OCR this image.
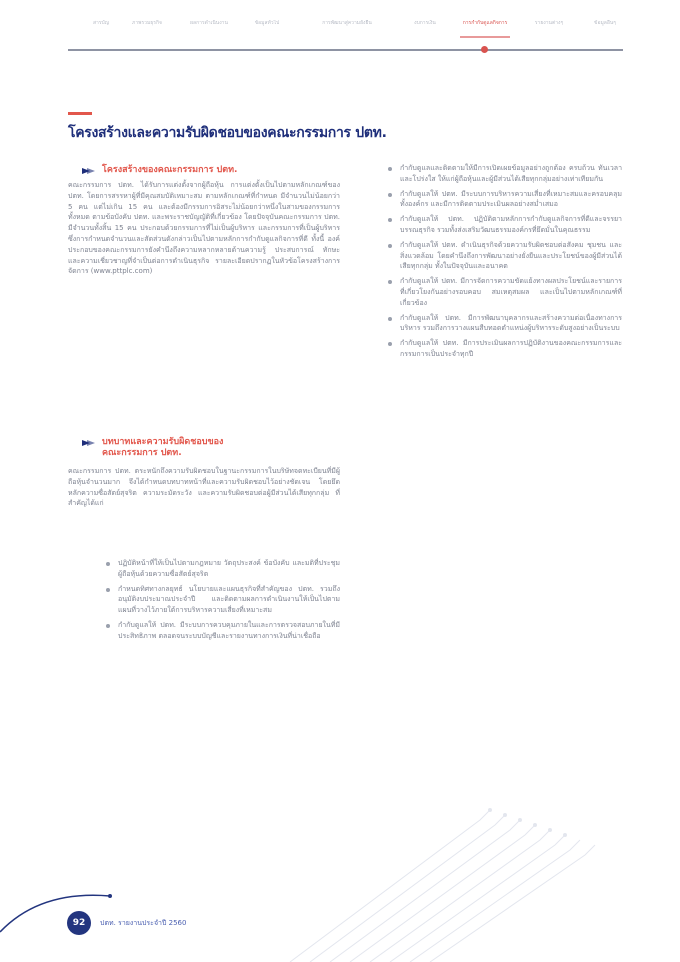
สารบัญ	ภาพรวมธุรกิจ	ผลการดำเนินงาน	ข้อมูลทั่วไป	การพัฒนาสู่ความยั่งยืน	งบการเงิน	การกำกับดูแลกิจการ	รายงานต่างๆ	ข้อมูลอื่นๆ
โครงสร้างและความรับผิดชอบของคณะกรรมการ ปตท.
โครงสร้างของคณะกรรมการ ปตท.
คณะกรรมการ ปตท. ได้รับการแต่งตั้งจากผู้ถือหุ้น การแต่งตั้งเป็นไปตามหลักเกณฑ์ของ ปตท. โดยการสรรหาผู้ที่มีคุณสมบัติเหมาะสม ตามหลักเกณฑ์ที่กำหนด มีจำนวนไม่น้อยกว่า 5 คน แต่ไม่เกิน 15 คน และต้องมีกรรมการอิสระไม่น้อยกว่าหนึ่งในสามของกรรมการทั้งหมด ตามข้อบังคับ ปตท. และพระราชบัญญัติที่เกี่ยวข้อง โดยปัจจุบันคณะกรรมการ ปตท. มีจำนวนทั้งสิ้น 15 คน ประกอบด้วยกรรมการที่ไม่เป็นผู้บริหาร และกรรมการที่เป็นผู้บริหาร ซึ่งการกำหนดจำนวนและสัดส่วนดังกล่าวเป็นไปตามหลักการกำกับดูแลกิจการที่ดี ทั้งนี้ องค์ประกอบของคณะกรรมการยังคำนึงถึงความหลากหลายด้านความรู้ ประสบการณ์ ทักษะ และความเชี่ยวชาญที่จำเป็นต่อการดำเนินธุรกิจ รายละเอียดปรากฏในหัวข้อโครงสร้างการจัดการ (www.pttplc.com)
บทบาทและความรับผิดชอบของ
คณะกรรมการ ปตท.
คณะกรรมการ ปตท. ตระหนักถึงความรับผิดชอบในฐานะกรรมการในบริษัทจดทะเบียนที่มีผู้ถือหุ้นจำนวนมาก จึงได้กำหนดบทบาทหน้าที่และความรับผิดชอบไว้อย่างชัดเจน โดยยึดหลักความซื่อสัตย์สุจริต ความระมัดระวัง และความรับผิดชอบต่อผู้มีส่วนได้เสียทุกกลุ่ม ที่สำคัญได้แก่
ปฏิบัติหน้าที่ให้เป็นไปตามกฎหมาย วัตถุประสงค์ ข้อบังคับ และมติที่ประชุมผู้ถือหุ้นด้วยความซื่อสัตย์สุจริต
กำหนดทิศทางกลยุทธ์ นโยบายและแผนธุรกิจที่สำคัญของ ปตท. รวมถึงอนุมัติงบประมาณประจำปี และติดตามผลการดำเนินงานให้เป็นไปตามแผนที่วางไว้ภายใต้การบริหารความเสี่ยงที่เหมาะสม
กำกับดูแลให้ ปตท. มีระบบการควบคุมภายในและการตรวจสอบภายในที่มีประสิทธิภาพ ตลอดจนระบบบัญชีและรายงานทางการเงินที่น่าเชื่อถือ
กำกับดูแลและติดตามให้มีการเปิดเผยข้อมูลอย่างถูกต้อง ครบถ้วน ทันเวลา และโปร่งใส ให้แก่ผู้ถือหุ้นและผู้มีส่วนได้เสียทุกกลุ่มอย่างเท่าเทียมกัน
กำกับดูแลให้ ปตท. มีระบบการบริหารความเสี่ยงที่เหมาะสมและครอบคลุมทั้งองค์กร และมีการติดตามประเมินผลอย่างสม่ำเสมอ
กำกับดูแลให้ ปตท. ปฏิบัติตามหลักการกำกับดูแลกิจการที่ดีและจรรยาบรรณธุรกิจ รวมทั้งส่งเสริมวัฒนธรรมองค์กรที่ยึดมั่นในคุณธรรม
กำกับดูแลให้ ปตท. ดำเนินธุรกิจด้วยความรับผิดชอบต่อสังคม ชุมชน และสิ่งแวดล้อม โดยคำนึงถึงการพัฒนาอย่างยั่งยืนและประโยชน์ของผู้มีส่วนได้เสียทุกกลุ่ม ทั้งในปัจจุบันและอนาคต
กำกับดูแลให้ ปตท. มีการจัดการความขัดแย้งทางผลประโยชน์และรายการที่เกี่ยวโยงกันอย่างรอบคอบ สมเหตุสมผล และเป็นไปตามหลักเกณฑ์ที่เกี่ยวข้อง
กำกับดูแลให้ ปตท. มีการพัฒนาบุคลากรและสร้างความต่อเนื่องทางการบริหาร รวมถึงการวางแผนสืบทอดตำแหน่งผู้บริหารระดับสูงอย่างเป็นระบบ
กำกับดูแลให้ ปตท. มีการประเมินผลการปฏิบัติงานของคณะกรรมการและกรรมการเป็นประจำทุกปี
92	ปตท. รายงานประจำปี 2560
